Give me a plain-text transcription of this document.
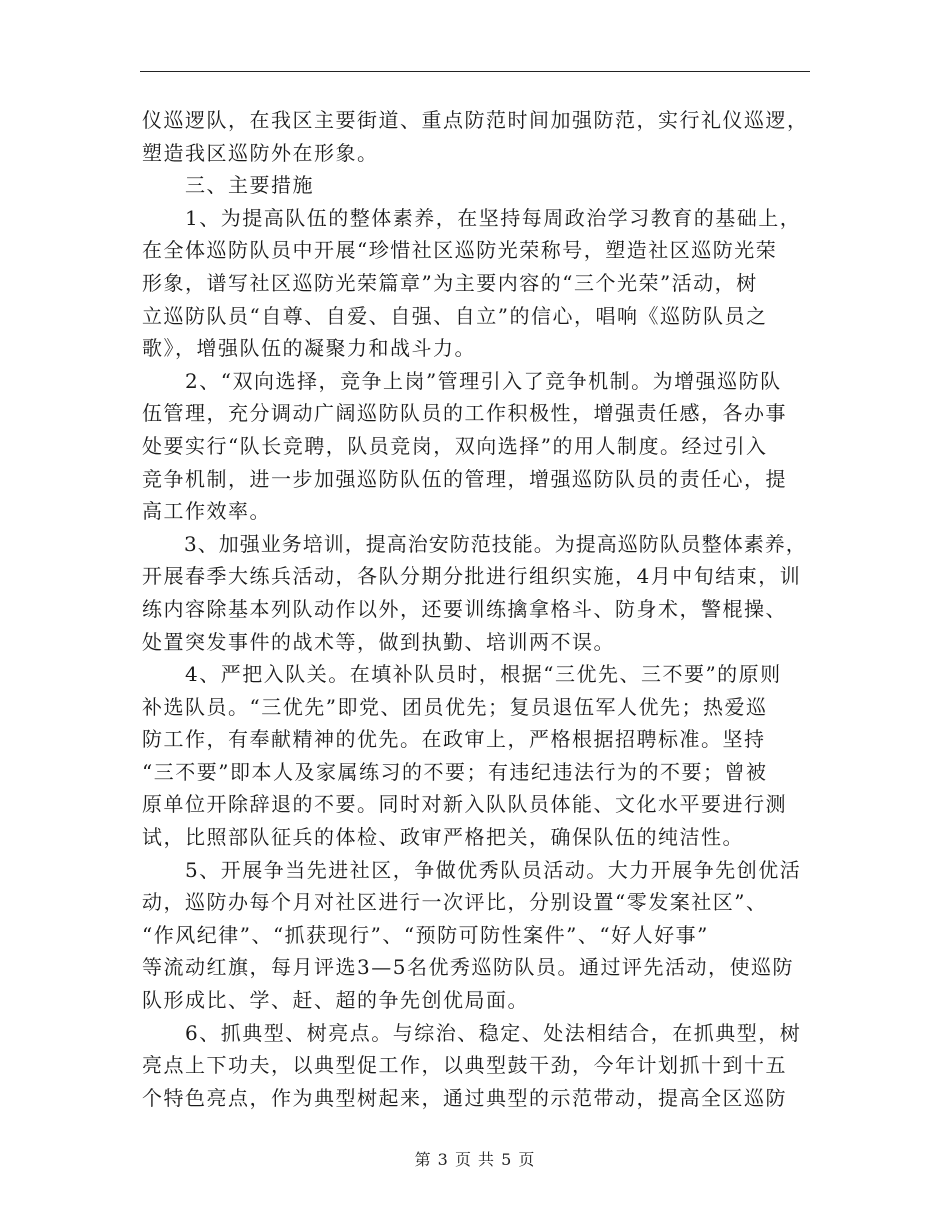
仪巡逻队，在我区主要街道、重点防范时间加强防范，实行礼仪巡逻，
塑造我区巡防外在形象。
　　三、主要措施
　　1、为提高队伍的整体素养，在坚持每周政治学习教育的基础上，
在全体巡防队员中开展“珍惜社区巡防光荣称号，塑造社区巡防光荣
形象，谱写社区巡防光荣篇章”为主要内容的“三个光荣”活动，树
立巡防队员“自尊、自爱、自强、自立”的信心，唱响《巡防队员之
歌》，增强队伍的凝聚力和战斗力。
　　2、“双向选择，竞争上岗”管理引入了竞争机制。为增强巡防队
伍管理，充分调动广阔巡防队员的工作积极性，增强责任感，各办事
处要实行“队长竞聘，队员竞岗，双向选择”的用人制度。经过引入
竞争机制，进一步加强巡防队伍的管理，增强巡防队员的责任心，提
高工作效率。
　　3、加强业务培训，提高治安防范技能。为提高巡防队员整体素养，
开展春季大练兵活动，各队分期分批进行组织实施，4月中旬结束，训
练内容除基本列队动作以外，还要训练擒拿格斗、防身术，警棍操、
处置突发事件的战术等，做到执勤、培训两不误。
　　4、严把入队关。在填补队员时，根据“三优先、三不要”的原则
补选队员。“三优先”即党、团员优先；复员退伍军人优先；热爱巡
防工作，有奉献精神的优先。在政审上，严格根据招聘标准。坚持
“三不要”即本人及家属练习的不要；有违纪违法行为的不要；曾被
原单位开除辞退的不要。同时对新入队队员体能、文化水平要进行测
试，比照部队征兵的体检、政审严格把关，确保队伍的纯洁性。
　　5、开展争当先进社区，争做优秀队员活动。大力开展争先创优活
动，巡防办每个月对社区进行一次评比，分别设置“零发案社区”、
“作风纪律”、“抓获现行”、“预防可防性案件”、“好人好事”
等流动红旗，每月评选3—5名优秀巡防队员。通过评先活动，使巡防
队形成比、学、赶、超的争先创优局面。
　　6、抓典型、树亮点。与综治、稳定、处法相结合，在抓典型，树
亮点上下功夫，以典型促工作，以典型鼓干劲，今年计划抓十到十五
个特色亮点，作为典型树起来，通过典型的示范带动，提高全区巡防
第 3 页 共 5 页
